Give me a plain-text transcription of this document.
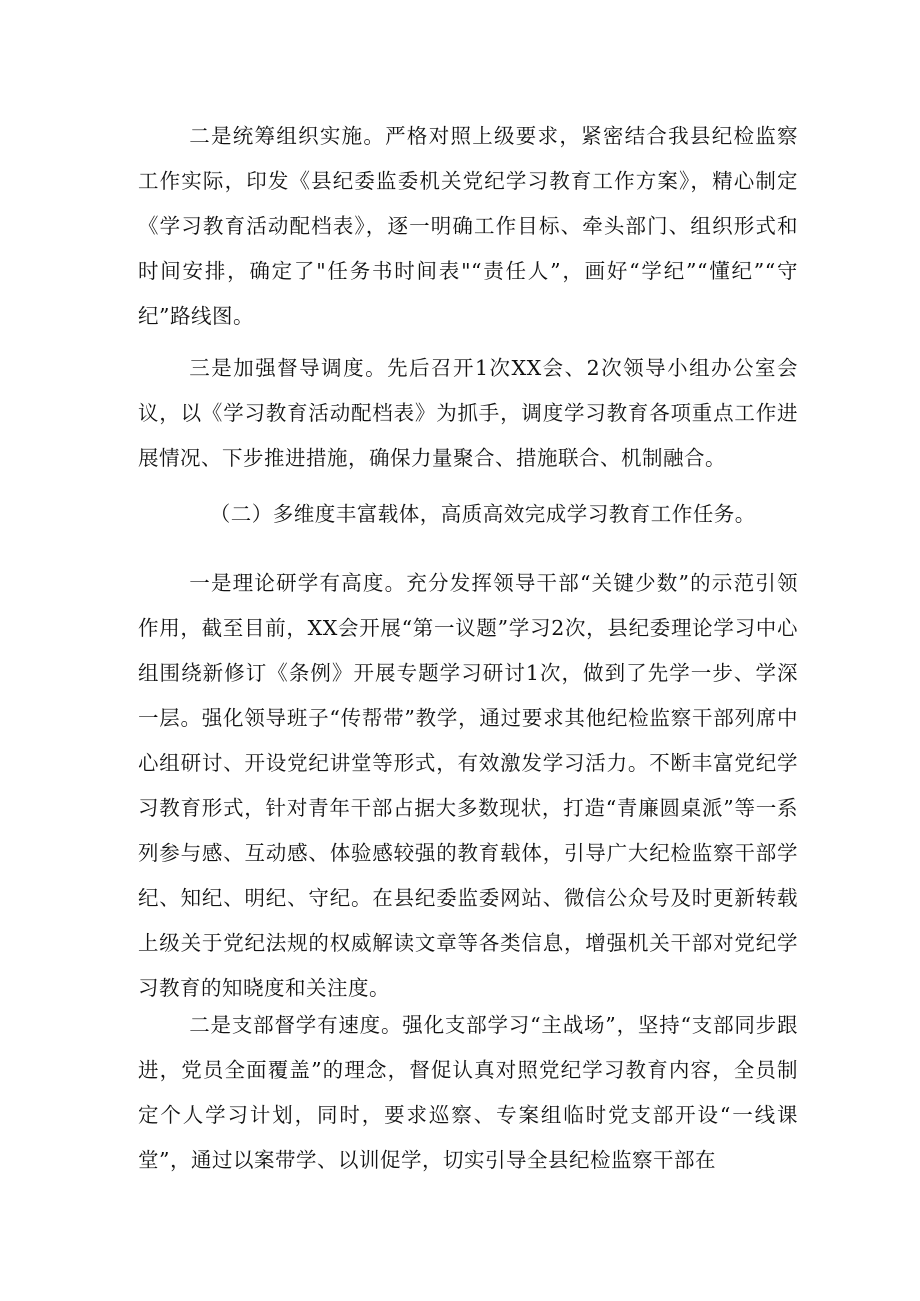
二是统筹组织实施。严格对照上级要求，紧密结合我县纪检监察工作实际，印发《县纪委监委机关党纪学习教育工作方案》，精心制定《学习教育活动配档表》，逐一明确工作目标、牵头部门、组织形式和时间安排，确定了"任务书时间表"“责任人”，画好“学纪”“懂纪”“守纪”路线图。

三是加强督导调度。先后召开1次XX会、2次领导小组办公室会议，以《学习教育活动配档表》为抓手，调度学习教育各项重点工作进展情况、下步推进措施，确保力量聚合、措施联合、机制融合。

（二）多维度丰富载体，高质高效完成学习教育工作任务。

一是理论研学有高度。充分发挥领导干部“关键少数”的示范引领作用，截至目前，XX会开展“第一议题”学习2次，县纪委理论学习中心组围绕新修订《条例》开展专题学习研讨1次，做到了先学一步、学深一层。强化领导班子“传帮带”教学，通过要求其他纪检监察干部列席中心组研讨、开设党纪讲堂等形式，有效激发学习活力。不断丰富党纪学习教育形式，针对青年干部占据大多数现状，打造“青廉圆桌派”等一系列参与感、互动感、体验感较强的教育载体，引导广大纪检监察干部学纪、知纪、明纪、守纪。在县纪委监委网站、微信公众号及时更新转载上级关于党纪法规的权威解读文章等各类信息，增强机关干部对党纪学习教育的知晓度和关注度。

二是支部督学有速度。强化支部学习“主战场”，坚持“支部同步跟进，党员全面覆盖”的理念，督促认真对照党纪学习教育内容，全员制定个人学习计划，同时，要求巡察、专案组临时党支部开设“一线课堂”，通过以案带学、以训促学，切实引导全县纪检监察干部在
